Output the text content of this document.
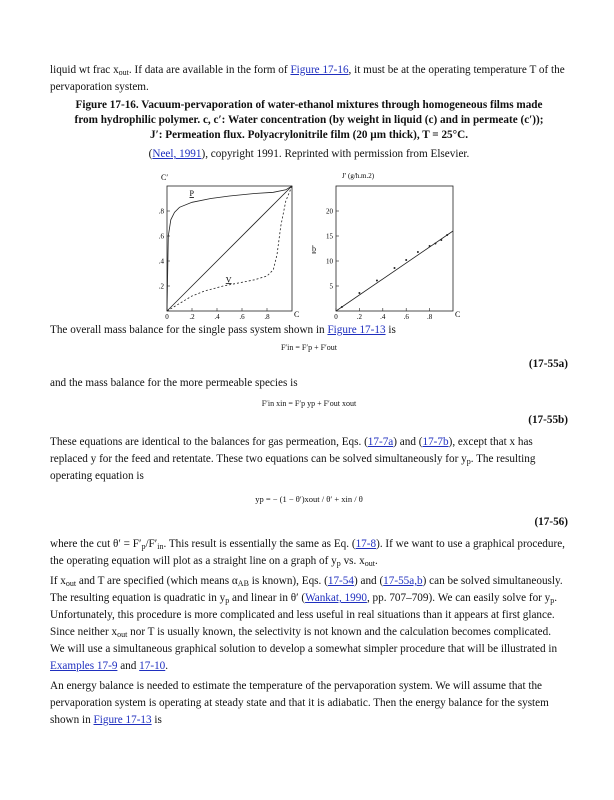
liquid wt frac $x_{out}$. If data are available in the form of Figure 17-16, it must be at the operating temperature T of the pervaporation system.

Figure 17-16. Vacuum-pervaporation of water-ethanol mixtures through homogeneous films made
from hydrophilic polymer. c, c′: Water concentration (by weight in liquid (c) and in permeate (c′));
J′: Permeation flux. Polyacrylonitrile film (20 µm thick), T = 25°C.
(Neel, 1991), copyright 1991. Reprinted with permission from Elsevier.
C′
C
0	.2	.4	.6	.8
.2
.4
.6
.8
P
V
J′ (g/h.m.2)
C
b
0	.2	.4	.6	.8
5
10
15
20

The overall mass balance for the single pass system shown in Figure 17-13 is

F′in = F′p + F′out
(17-55a)

and the mass balance for the more permeable species is

F′in xin = F′p yp + F′out xout
(17-55b)

These equations are identical to the balances for gas permeation, Eqs. (17-7a) and (17-7b), except that x has replaced y for the feed and retentate. These two equations can be solved simultaneously for $y_p$. The resulting operating equation is

yp = − (1 − θ′)xout / θ′ + xin / θ
(17-56)

where the cut $\theta' = F'_p/F'_{in}$. This result is essentially the same as Eq. (17-8). If we want to use a graphical procedure, the operating equation will plot as a straight line on a graph of $y_p$ vs. $x_{out}$.

If $x_{out}$ and T are specified (which means $\alpha_{AB}$ is known), Eqs. (17-54) and (17-55a,b) can be solved simultaneously. The resulting equation is quadratic in $y_p$ and linear in θ′ (Wankat, 1990, pp. 707–709). We can easily solve for $y_p$. Unfortunately, this procedure is more complicated and less useful in real situations than it appears at first glance. Since neither $x_{out}$ nor T is usually known, the selectivity is not known and the calculation becomes complicated. We will use a simultaneous graphical solution to develop a somewhat simpler procedure that will be illustrated in Examples 17-9 and 17-10.

An energy balance is needed to estimate the temperature of the pervaporation system. We will assume that the pervaporation system is operating at steady state and that it is adiabatic. Then the energy balance for the system shown in Figure 17-13 is
